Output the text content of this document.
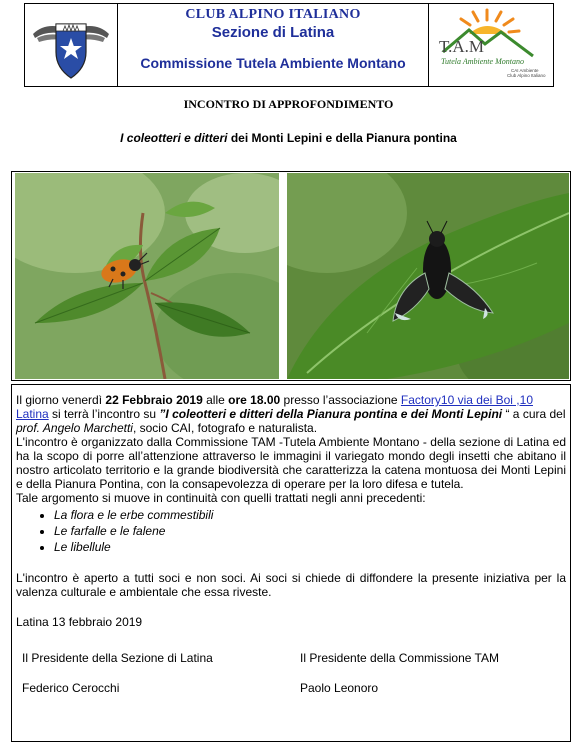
CLUB ALPINO ITALIANO
Sezione di Latina
Commissione Tutela Ambiente Montano
T.A.M
Tutela Ambiente Montano
CAI Ambiente
Club Alpino Italiano
INCONTRO DI APPROFONDIMENTO
I coleotteri e ditteri dei Monti Lepini e della Pianura pontina

Il giorno venerdì 22 Febbraio 2019 alle ore 18.00 presso l’associazione Factory10 via dei Boi ,10 Latina si terrà l’incontro su ”I coleotteri e ditteri della Pianura pontina e dei Monti Lepini “ a cura del prof. Angelo Marchetti, socio CAI, fotografo e naturalista.

L'incontro è organizzato dalla Commissione TAM -Tutela Ambiente Montano - della sezione di Latina ed ha la scopo di porre all’attenzione attraverso le immagini il variegato mondo degli insetti che abitano il nostro articolato territorio e la grande biodiversità che caratterizza la catena montuosa dei Monti Lepini e della Pianura Pontina, con la consapevolezza di operare per la loro difesa e tutela.

Tale argomento si muove in continuità con quelli trattati negli anni precedenti:

• La flora e le erbe commestibili
• Le farfalle e le falene
• Le libellule

L'incontro è aperto a tutti soci e non soci. Ai soci si chiede di diffondere la presente iniziativa per la valenza culturale e ambientale che essa riveste.

Latina 13 febbraio 2019

Il Presidente della Sezione di Latina	Il Presidente della Commissione TAM
Federico Cerocchi	Paolo Leonoro
